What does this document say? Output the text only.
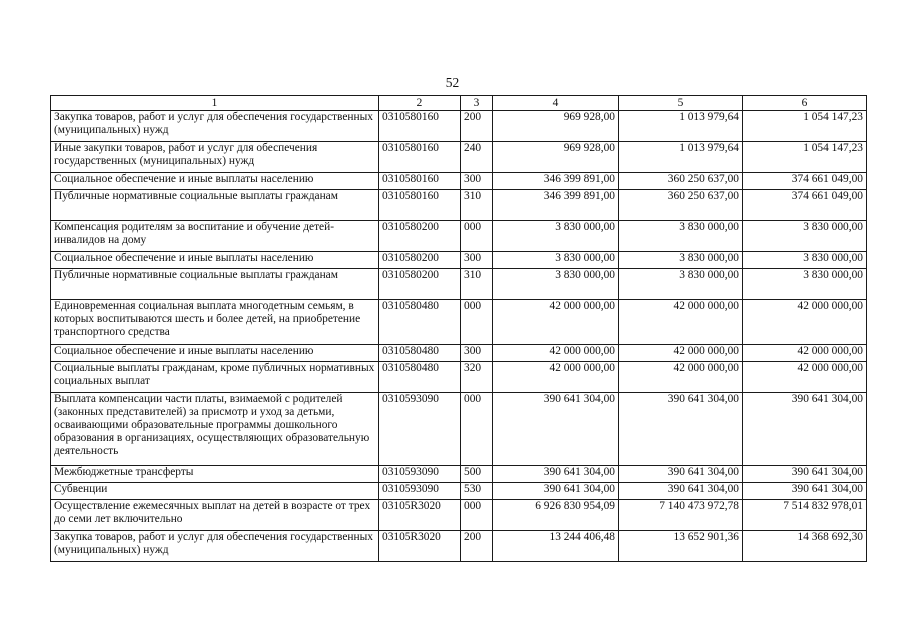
52
1	2	3	4	5	6
Закупка товаров, работ и услуг для обеспечения государственных (муниципальных) нужд	0310580160	200	969 928,00	1 013 979,64	1 054 147,23
Иные закупки товаров, работ и услуг для обеспечения государственных (муниципальных) нужд	0310580160	240	969 928,00	1 013 979,64	1 054 147,23
Социальное обеспечение и иные выплаты населению	0310580160	300	346 399 891,00	360 250 637,00	374 661 049,00
Публичные нормативные социальные выплаты гражданам	0310580160	310	346 399 891,00	360 250 637,00	374 661 049,00
Компенсация родителям за воспитание и обучение детей-инвалидов на дому	0310580200	000	3 830 000,00	3 830 000,00	3 830 000,00
Социальное обеспечение и иные выплаты населению	0310580200	300	3 830 000,00	3 830 000,00	3 830 000,00
Публичные нормативные социальные выплаты гражданам	0310580200	310	3 830 000,00	3 830 000,00	3 830 000,00
Единовременная социальная выплата многодетным семьям, в которых воспитываются шесть и более детей, на приобретение транспортного средства	0310580480	000	42 000 000,00	42 000 000,00	42 000 000,00
Социальное обеспечение и иные выплаты населению	0310580480	300	42 000 000,00	42 000 000,00	42 000 000,00
Социальные выплаты гражданам, кроме публичных нормативных социальных выплат	0310580480	320	42 000 000,00	42 000 000,00	42 000 000,00
Выплата компенсации части платы, взимаемой с родителей (законных представителей) за присмотр и уход за детьми, осваивающими образовательные программы дошкольного образования в организациях, осуществляющих образовательную деятельность	0310593090	000	390 641 304,00	390 641 304,00	390 641 304,00
Межбюджетные трансферты	0310593090	500	390 641 304,00	390 641 304,00	390 641 304,00
Субвенции	0310593090	530	390 641 304,00	390 641 304,00	390 641 304,00
Осуществление ежемесячных выплат на детей в возрасте от трех до семи лет включительно	03105R3020	000	6 926 830 954,09	7 140 473 972,78	7 514 832 978,01
Закупка товаров, работ и услуг для обеспечения государственных (муниципальных) нужд	03105R3020	200	13 244 406,48	13 652 901,36	14 368 692,30
